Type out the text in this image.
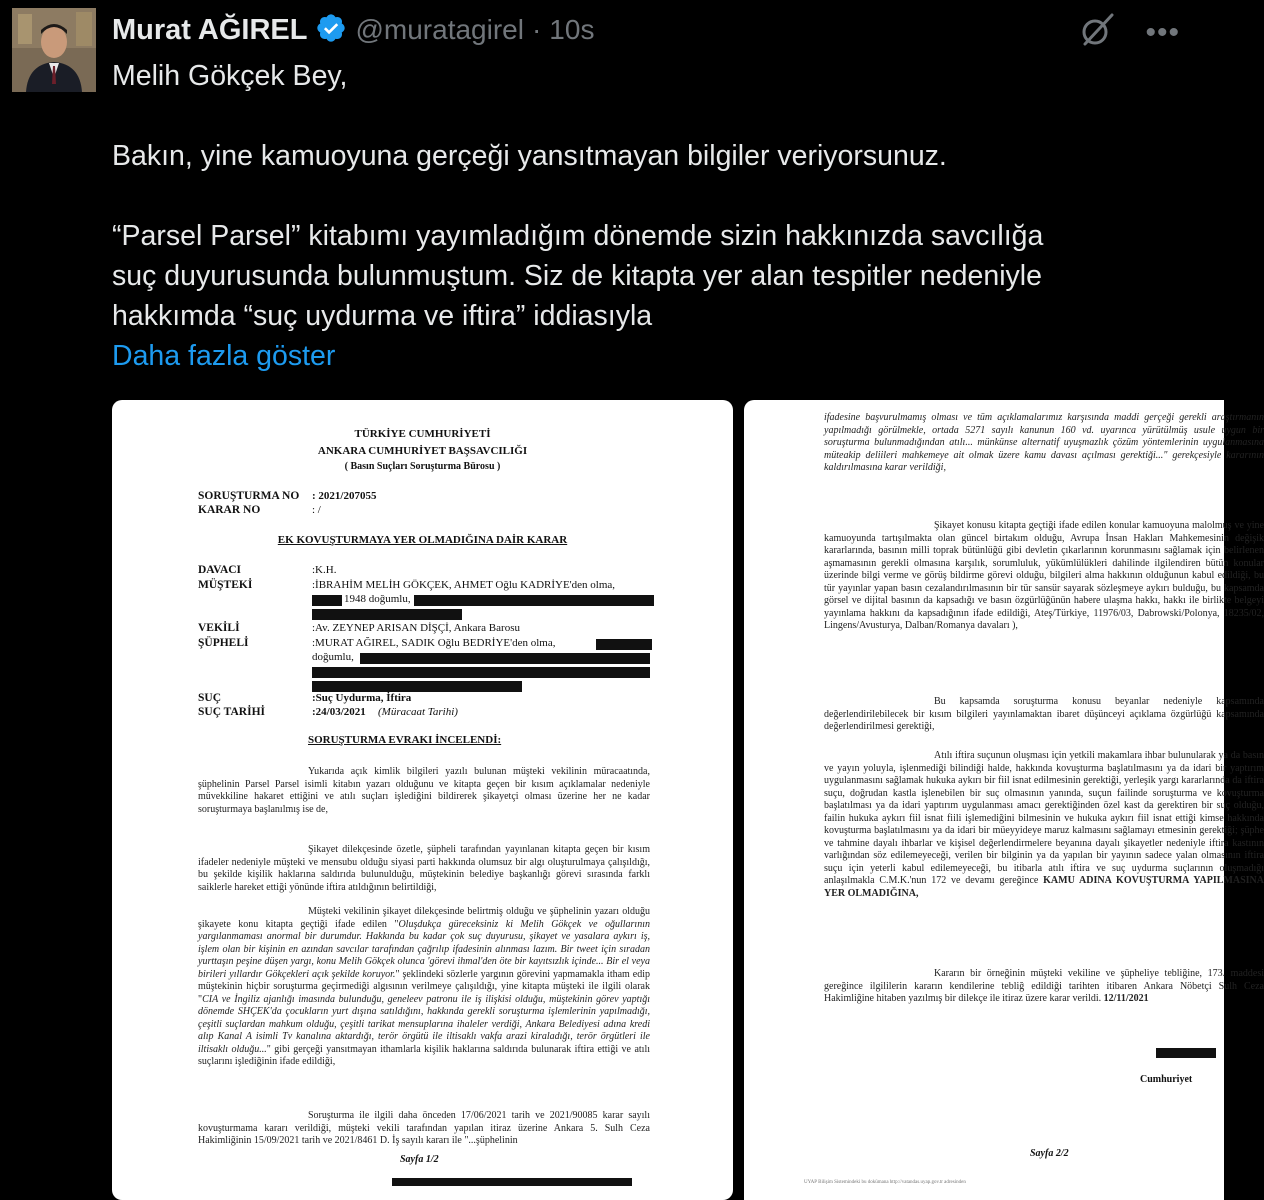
Murat AĞIREL @muratagirel · 10s	•••

Melih Gökçek Bey,

Bakın, yine kamuoyuna gerçeği yansıtmayan bilgiler veriyorsunuz.

“Parsel Parsel” kitabımı yayımladığım dönemde sizin hakkınızda savcılığa

suç duyurusunda bulunmuştum. Siz de kitapta yer alan tespitler nedeniyle

hakkımda “suç uydurma ve iftira” iddiasıyla

Daha fazla göster

TÜRKİYE CUMHURİYETİ
ANKARA CUMHURİYET BAŞSAVCILIĞI
( Basın Suçları Soruşturma Bürosu )
SORUŞTURMA NO : 2021/207055
KARAR NO	: /
EK KOVUŞTURMAYA YER OLMADIĞINA DAİR KARAR
DAVACI	:K.H.
MÜŞTEKİ	:İBRAHİM MELİH GÖKÇEK, AHMET Oğlu KADRİYE'den olma,
1948 doğumlu,
VEKİLİ	:Av. ZEYNEP ARISAN DİŞÇİ, Ankara Barosu
ŞÜPHELİ	:MURAT AĞIREL, SADIK Oğlu BEDRİYE'den olma,
doğumlu,
SUÇ	:Suç Uydurma, İftira
SUÇ TARİHİ	:24/03/2021 (Müracaat Tarihi)
SORUŞTURMA EVRAKI İNCELENDİ:
Yukarıda açık kimlik bilgileri yazılı bulunan müşteki vekilinin müracaatında, şüphelinin Parsel Parsel isimli kitabın yazarı olduğunu ve kitapta geçen bir kısım açıklamalar nedeniyle müvekkiline hakaret ettiğini ve atılı suçları işlediğini bildirerek şikayetçi olması üzerine her ne kadar soruşturmaya başlanılmış ise de,
Şikayet dilekçesinde özetle, şüpheli tarafından yayınlanan kitapta geçen bir kısım ifadeler nedeniyle müşteki ve mensubu olduğu siyasi parti hakkında olumsuz bir algı oluşturulmaya çalışıldığı, bu şekilde kişilik haklarına saldırıda bulunulduğu, müştekinin belediye başkanlığı görevi sırasında farklı saiklerle hareket ettiği yönünde iftira atıldığının belirtildiği,
Müşteki vekilinin şikayet dilekçesinde belirtmiş olduğu ve şüphelinin yazarı olduğu şikayete konu kitapta geçtiği ifade edilen "Oluşdukça güreceksiniz ki Melih Gökçek ve oğullarının yargılanmaması anormal bir durumdur. Hakkında bu kadar çok suç duyurusu, şikayet ve yasalara aykırı iş, işlem olan bir kişinin en azından savcılar tarafından çağrılıp ifadesinin alınması lazım. Bir tweet için sıradan yurttaşın peşine düşen yargı, konu Melih Gökçek olunca 'görevi ihmal'den öte bir kayıtsızlık içinde... Bir el veya birileri yıllardır Gökçekleri açık şekilde koruyor." şeklindeki sözlerle yargının görevini yapmamakla itham edip müştekinin hiçbir soruşturma geçirmediği algısının verilmeye çalışıldığı, yine kitapta müşteki ile ilgili olarak "CIA ve İngiliz ajanlığı imasında bulunduğu, geneleev patronu ile iş ilişkisi olduğu, müştekinin görev yaptığı dönemde SHÇEK'da çocukların yurt dışına satıldığını, hakkında gerekli soruşturma işlemlerinin yapılmadığı, çeşitli suçlardan mahkum olduğu, çeşitli tarikat mensuplarına ihaleler verdiği, Ankara Belediyesi adına kredi alıp Kanal A isimli Tv kanalına aktardığı, terör örgütü ile iltisaklı vakfa arazi kiraladığı, terör örgütleri ile iltisaklı olduğu..." gibi gerçeği yansıtmayan ithamlarla kişilik haklarına saldırıda bulunarak iftira ettiği ve atılı suçlarını işlediğinin ifade edildiği,
Soruşturma ile ilgili daha önceden 17/06/2021 tarih ve 2021/90085 karar sayılı kovuşturmama kararı verildiği, müşteki vekili tarafından yapılan itiraz üzerine Ankara 5. Sulh Ceza Hakimliğinin 15/09/2021 tarih ve 2021/8461 D. İş sayılı kararı ile "...şüphelinin
Sayfa 1/2
ifadesine başvurulmamış olması ve tüm açıklamalarımız karşısında maddi gerçeği gerekli araştırmanın yapılmadığı görülmekle, ortada 5271 sayılı kanunun 160 vd. uyarınca yürütülmüş usule uygun bir soruşturma bulunmadığından atılı... münkünse alternatif uyuşmazlık çözüm yöntemlerinin uygulanmasına müteakip deliileri mahkemeye ait olmak üzere kamu davası açılması gerektiği..." gerekçesiyle kararının kaldırılmasına karar verildiği,
Şikayet konusu kitapta geçtiği ifade edilen konular kamuoyuna malolmuş ve yine kamuoyunda tartışılmakta olan güncel birtakım olduğu, Avrupa İnsan Hakları Mahkemesinin değişik kararlarında, basının milli toprak bütünlüğü gibi devletin çıkarlarının korunmasını sağlamak için belirlenen aşmamasının gerekli olmasına karşılık, sorumluluk, yükümlülükleri dahilinde ilgilendiren bütün konular üzerinde bilgi verme ve görüş bildirme görevi olduğu, bilgileri alma hakkının olduğunun kabul edildiği, bu tür yayınlar yapan basın cezalandırılmasının bir tür sansür sayarak sözleşmeye aykırı bulduğu, bu kapsamda görsel ve dijital basının da kapsadığı ve basın özgürlüğünün habere ulaşma hakkı, hakkı ile birlikte belgeyi yayınlama hakkını da kapsadığının ifade edildiği, Ateş/Türkiye, 11976/03, Dabrowski/Polonya, 18235/02, Lingens/Avusturya, Dalban/Romanya davaları ),
Bu kapsamda soruşturma konusu beyanlar nedeniyle kapsamında değerlendirilebilecek bir kısım bilgileri yayınlamaktan ibaret düşünceyi açıklama özgürlüğü kapsamında değerlendirilmesi gerektiği,
Atılı iftira suçunun oluşması için yetkili makamlara ihbar bulunularak ya da basın ve yayın yoluyla, işlenmediği bilindiği halde, hakkında kovuşturma başlatılmasını ya da idari bir yaptırım uygulanmasını sağlamak hukuka aykırı bir fiil isnat edilmesinin gerektiği, yerleşik yargı kararlarında da iftira suçu, doğrudan kastla işlenebilen bir suç olmasının yanında, suçun failinde soruşturma ve kovuşturma başlatılması ya da idari yaptırım uygulanması amacı gerektiğinden özel kast da gerektiren bir suç olduğu, failin hukuka aykırı fiil isnat fiili işlemediğini bilmesinin ve hukuka aykırı fiil isnat ettiği kimse hakkında kovuşturma başlatılmasını ya da idari bir müeyyideye maruz kalmasını sağlamayı etmesinin gerektiği; şüphe ve tahmine dayalı ihbarlar ve kişisel değerlendirmelere beyanına dayalı şikayetler nedeniyle iftira kastının varlığından söz edilemeyeceği, verilen bir bilginin ya da yapılan bir yayının sadece yalan olmasının iftira suçu için yeterli kabul edilemeyeceği, bu itibarla atılı iftira ve suç uydurma suçlarının oluşmadığı anlaşılmakla C.M.K.'nun 172 ve devamı gereğince KAMU ADINA KOVUŞTURMA YAPILMASINA YER OLMADIĞINA,
Kararın bir örneğinin müşteki vekiline ve şüpheliye tebliğine, 173. maddesi gereğince ilgililerin kararın kendilerine tebliğ edildiği tarihten itibaren Ankara Nöbetçi Sulh Ceza Hakimliğine hitaben yazılmış bir dilekçe ile itiraz üzere karar verildi. 12/11/2021
Cumhuriyet
Sayfa 2/2
UYAP Bilişim Sistemindeki bu dokümana http://vatandas.uyap.gov.tr adresinden
